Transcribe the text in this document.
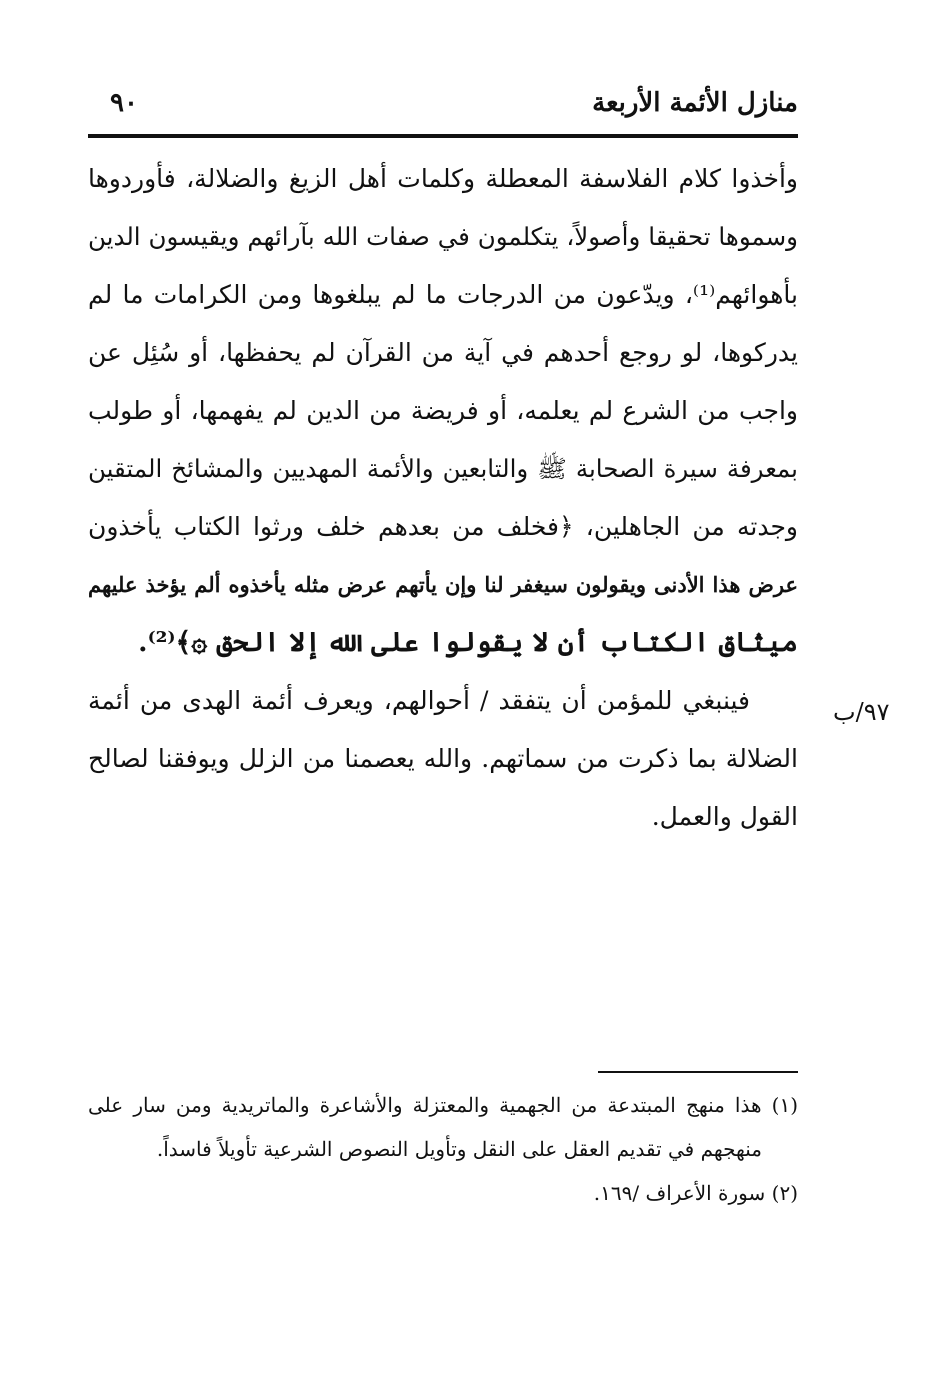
منازل الأئمة الأربعة
٩٠
وأخذوا كلام الفلاسفة المعطلة وكلمات أهل الزيغ والضلالة، فأوردوها
وسموها تحقيقا وأصولاً، يتكلمون في صفات الله بآرائهم ويقيسون الدين
بأهوائهم⁽¹⁾، ويدّعون من الدرجات ما لم يبلغوها ومن الكرامات ما لم
يدركوها، لو روجع أحدهم في آية من القرآن لم يحفظها، أو سُئِل عن
واجب من الشرع لم يعلمه، أو فريضة من الدين لم يفهمها، أو طولب
بمعرفة سيرة الصحابة ﷺ والتابعين والأئمة المهديين والمشائخ المتقين
وجدته من الجاهلين، ﴿فخلف من بعدهم خلف ورثوا الكتاب يأخذون
عرض هذا الأدنى ويقولون سيغفر لنا وإن يأتهم عرض مثله يأخذوه ألم يؤخذ عليهم
ميثاق الكتاب أن لا يقولوا على الله إلا الحق ۞﴾⁽²⁾.
فينبغي للمؤمن أن يتفقد / أحوالهم، ويعرف أئمة الهدى من أئمة
الضلالة بما ذكرت من سماتهم. والله يعصمنا من الزلل ويوفقنا لصالح
القول والعمل.
٩٧/ب
(١) هذا منهج المبتدعة من الجهمية والمعتزلة والأشاعرة والماتريدية ومن سار على
منهجهم في تقديم العقل على النقل وتأويل النصوص الشرعية تأويلاً فاسداً.
(٢) سورة الأعراف /١٦٩.
